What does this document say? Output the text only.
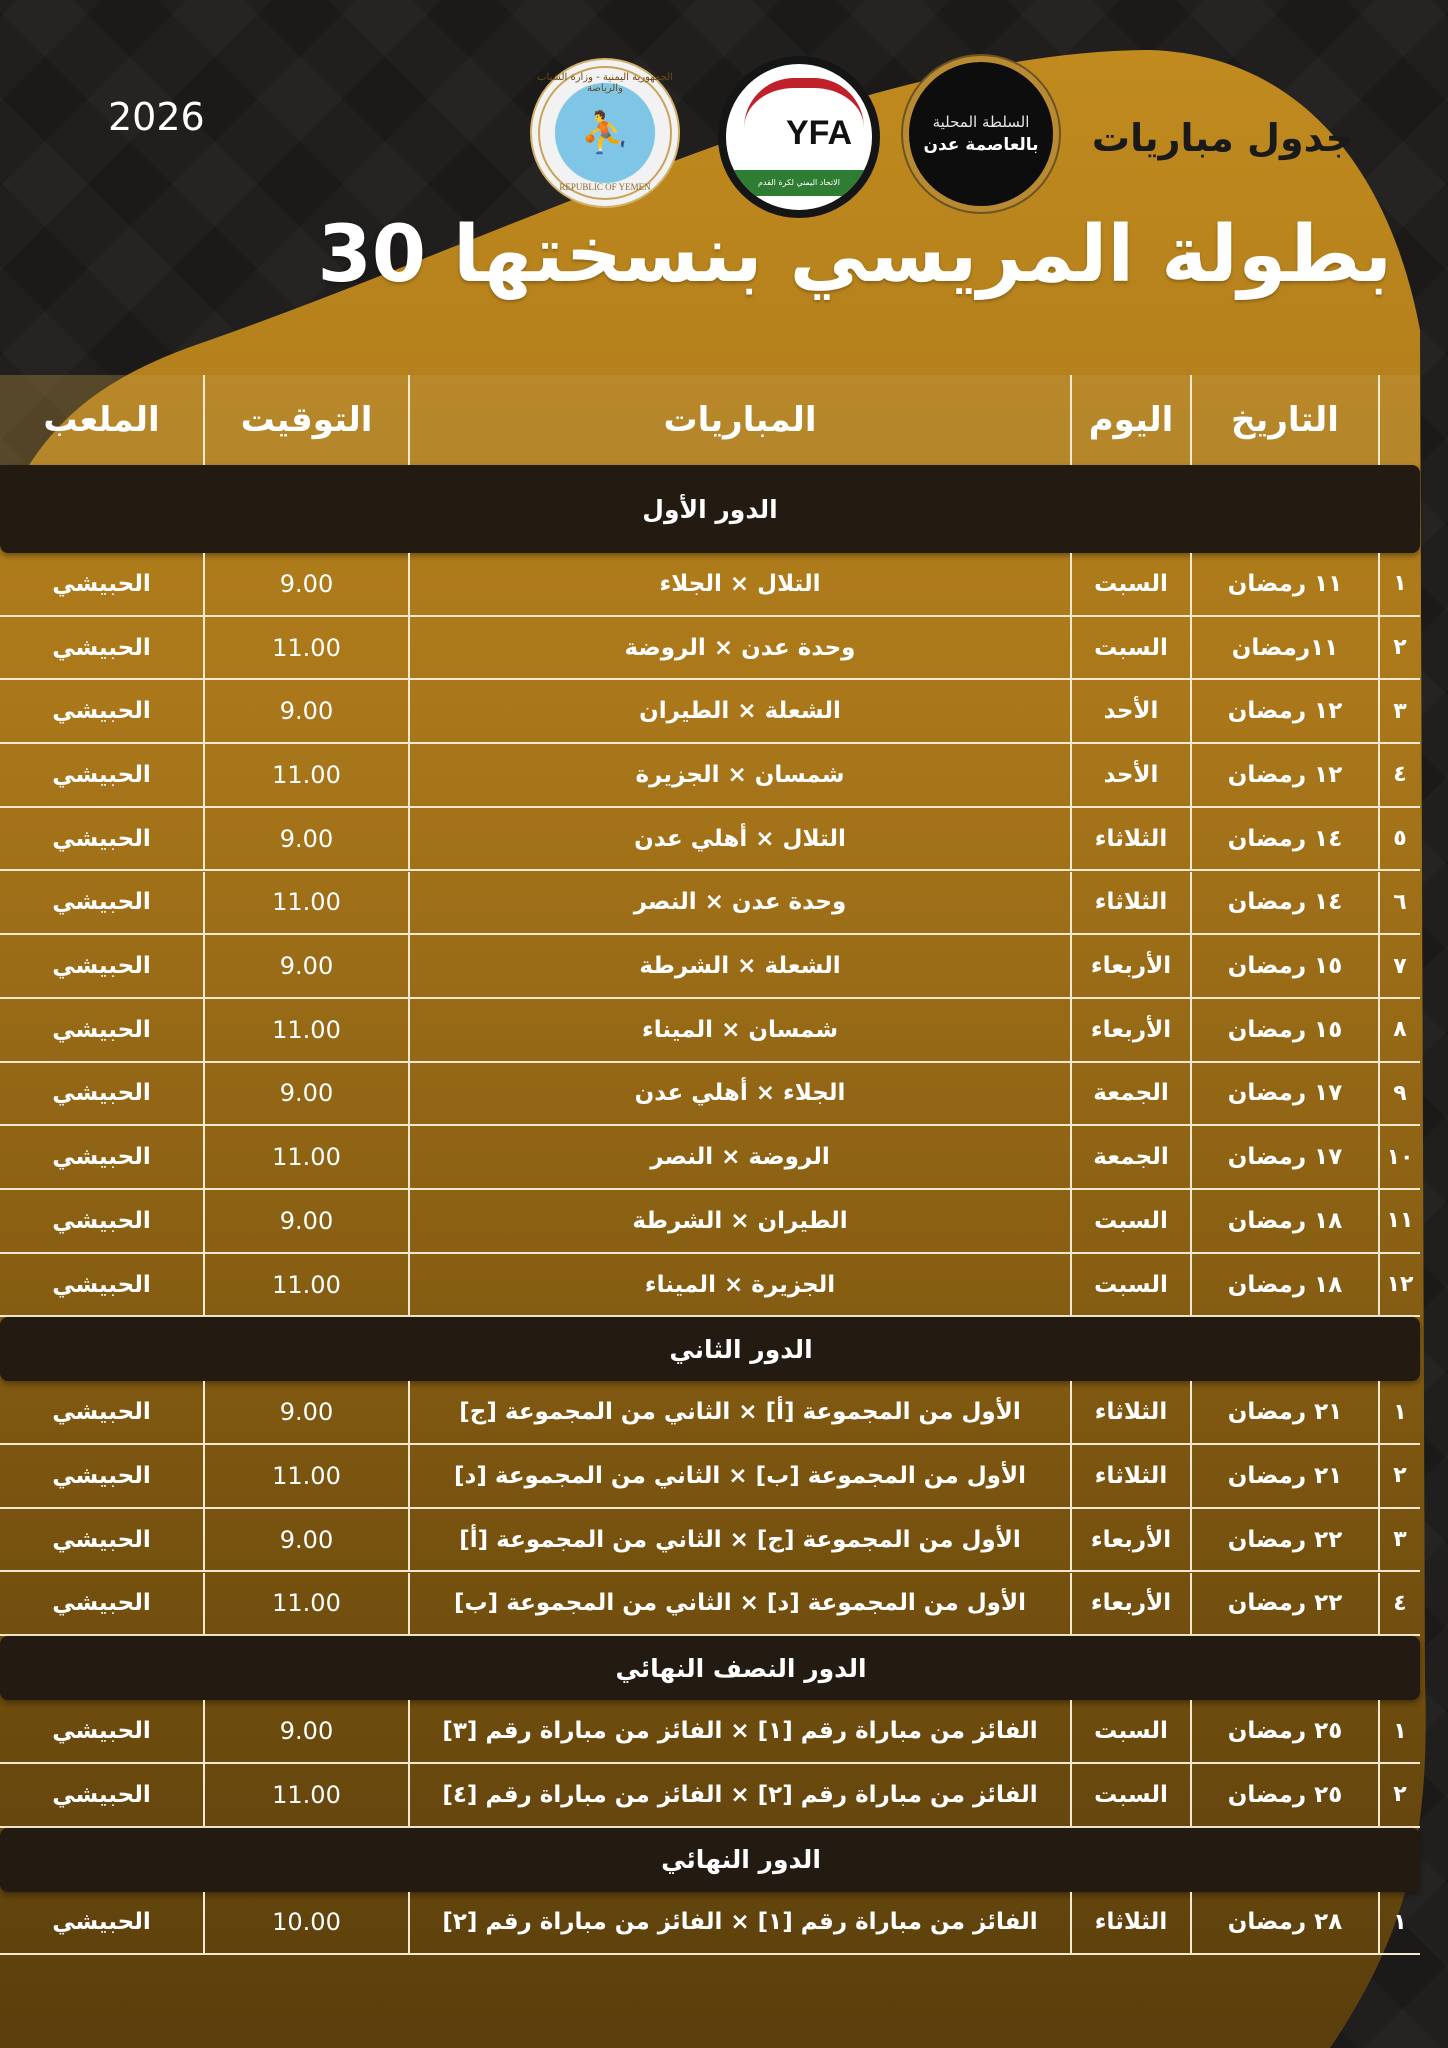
2026
الجمهورية اليمنية - وزارة الشباب والرياضة
⛹
REPUBLIC OF YEMEN
YFA
الاتحاد اليمني لكرة القدم
السلطة المحلية
بالعاصمة عدن جدول مباريات
بطولة المريسي بنسختها 30
الملعب	التوقيت	المباريات	اليوم	التاريخ
الدور الأول
الحبيشي	9.00	التلال × الجلاء	السبت	١١ رمضان	١
الحبيشي	11.00	وحدة عدن × الروضة	السبت	١١رمضان	٢
الحبيشي	9.00	الشعلة × الطيران	الأحد	١٢ رمضان	٣
الحبيشي	11.00	شمسان × الجزيرة	الأحد	١٢ رمضان	٤
الحبيشي	9.00	التلال × أهلي عدن	الثلاثاء	١٤ رمضان	٥
الحبيشي	11.00	وحدة عدن × النصر	الثلاثاء	١٤ رمضان	٦
الحبيشي	9.00	الشعلة × الشرطة	الأربعاء	١٥ رمضان	٧
الحبيشي	11.00	شمسان × الميناء	الأربعاء	١٥ رمضان	٨
الحبيشي	9.00	الجلاء × أهلي عدن	الجمعة	١٧ رمضان	٩
الحبيشي	11.00	الروضة × النصر	الجمعة	١٧ رمضان	١٠
الحبيشي	9.00	الطيران × الشرطة	السبت	١٨ رمضان	١١
الحبيشي	11.00	الجزيرة × الميناء	السبت	١٨ رمضان	١٢
الدور الثاني
الحبيشي	9.00	الأول من المجموعة [أ] × الثاني من المجموعة [ج]	الثلاثاء	٢١ رمضان	١
الحبيشي	11.00	الأول من المجموعة [ب] × الثاني من المجموعة [د]	الثلاثاء	٢١ رمضان	٢
الحبيشي	9.00	الأول من المجموعة [ج] × الثاني من المجموعة [أ]	الأربعاء	٢٢ رمضان	٣
الحبيشي	11.00	الأول من المجموعة [د] × الثاني من المجموعة [ب]	الأربعاء	٢٢ رمضان	٤
الدور النصف النهائي
الحبيشي	9.00	الفائز من مباراة رقم [١] × الفائز من مباراة رقم [٣]	السبت	٢٥ رمضان	١
الحبيشي	11.00	الفائز من مباراة رقم [٢] × الفائز من مباراة رقم [٤]	السبت	٢٥ رمضان	٢
الدور النهائي
الحبيشي	10.00	الفائز من مباراة رقم [١] × الفائز من مباراة رقم [٢]	الثلاثاء	٢٨ رمضان	١
